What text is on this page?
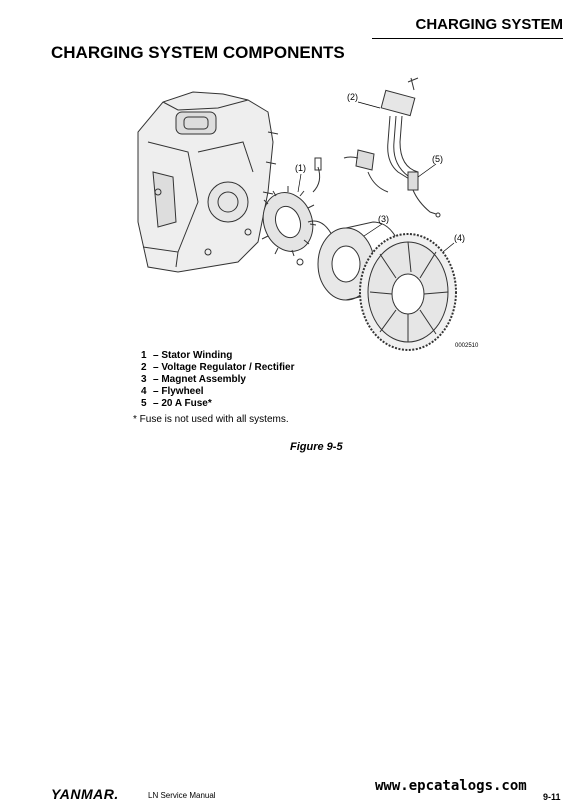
CHARGING SYSTEM
CHARGING SYSTEM COMPONENTS
(2)
(1)
(5)
(3)
(4)
0002510
1 – Stator Winding
2 – Voltage Regulator / Rectifier
3 – Magnet Assembly
4 – Flywheel
5 – 20 A Fuse*
* Fuse is not used with all systems.
Figure 9-5
www.epcatalogs.com
YANMAR.	LN Service Manual	9-11
